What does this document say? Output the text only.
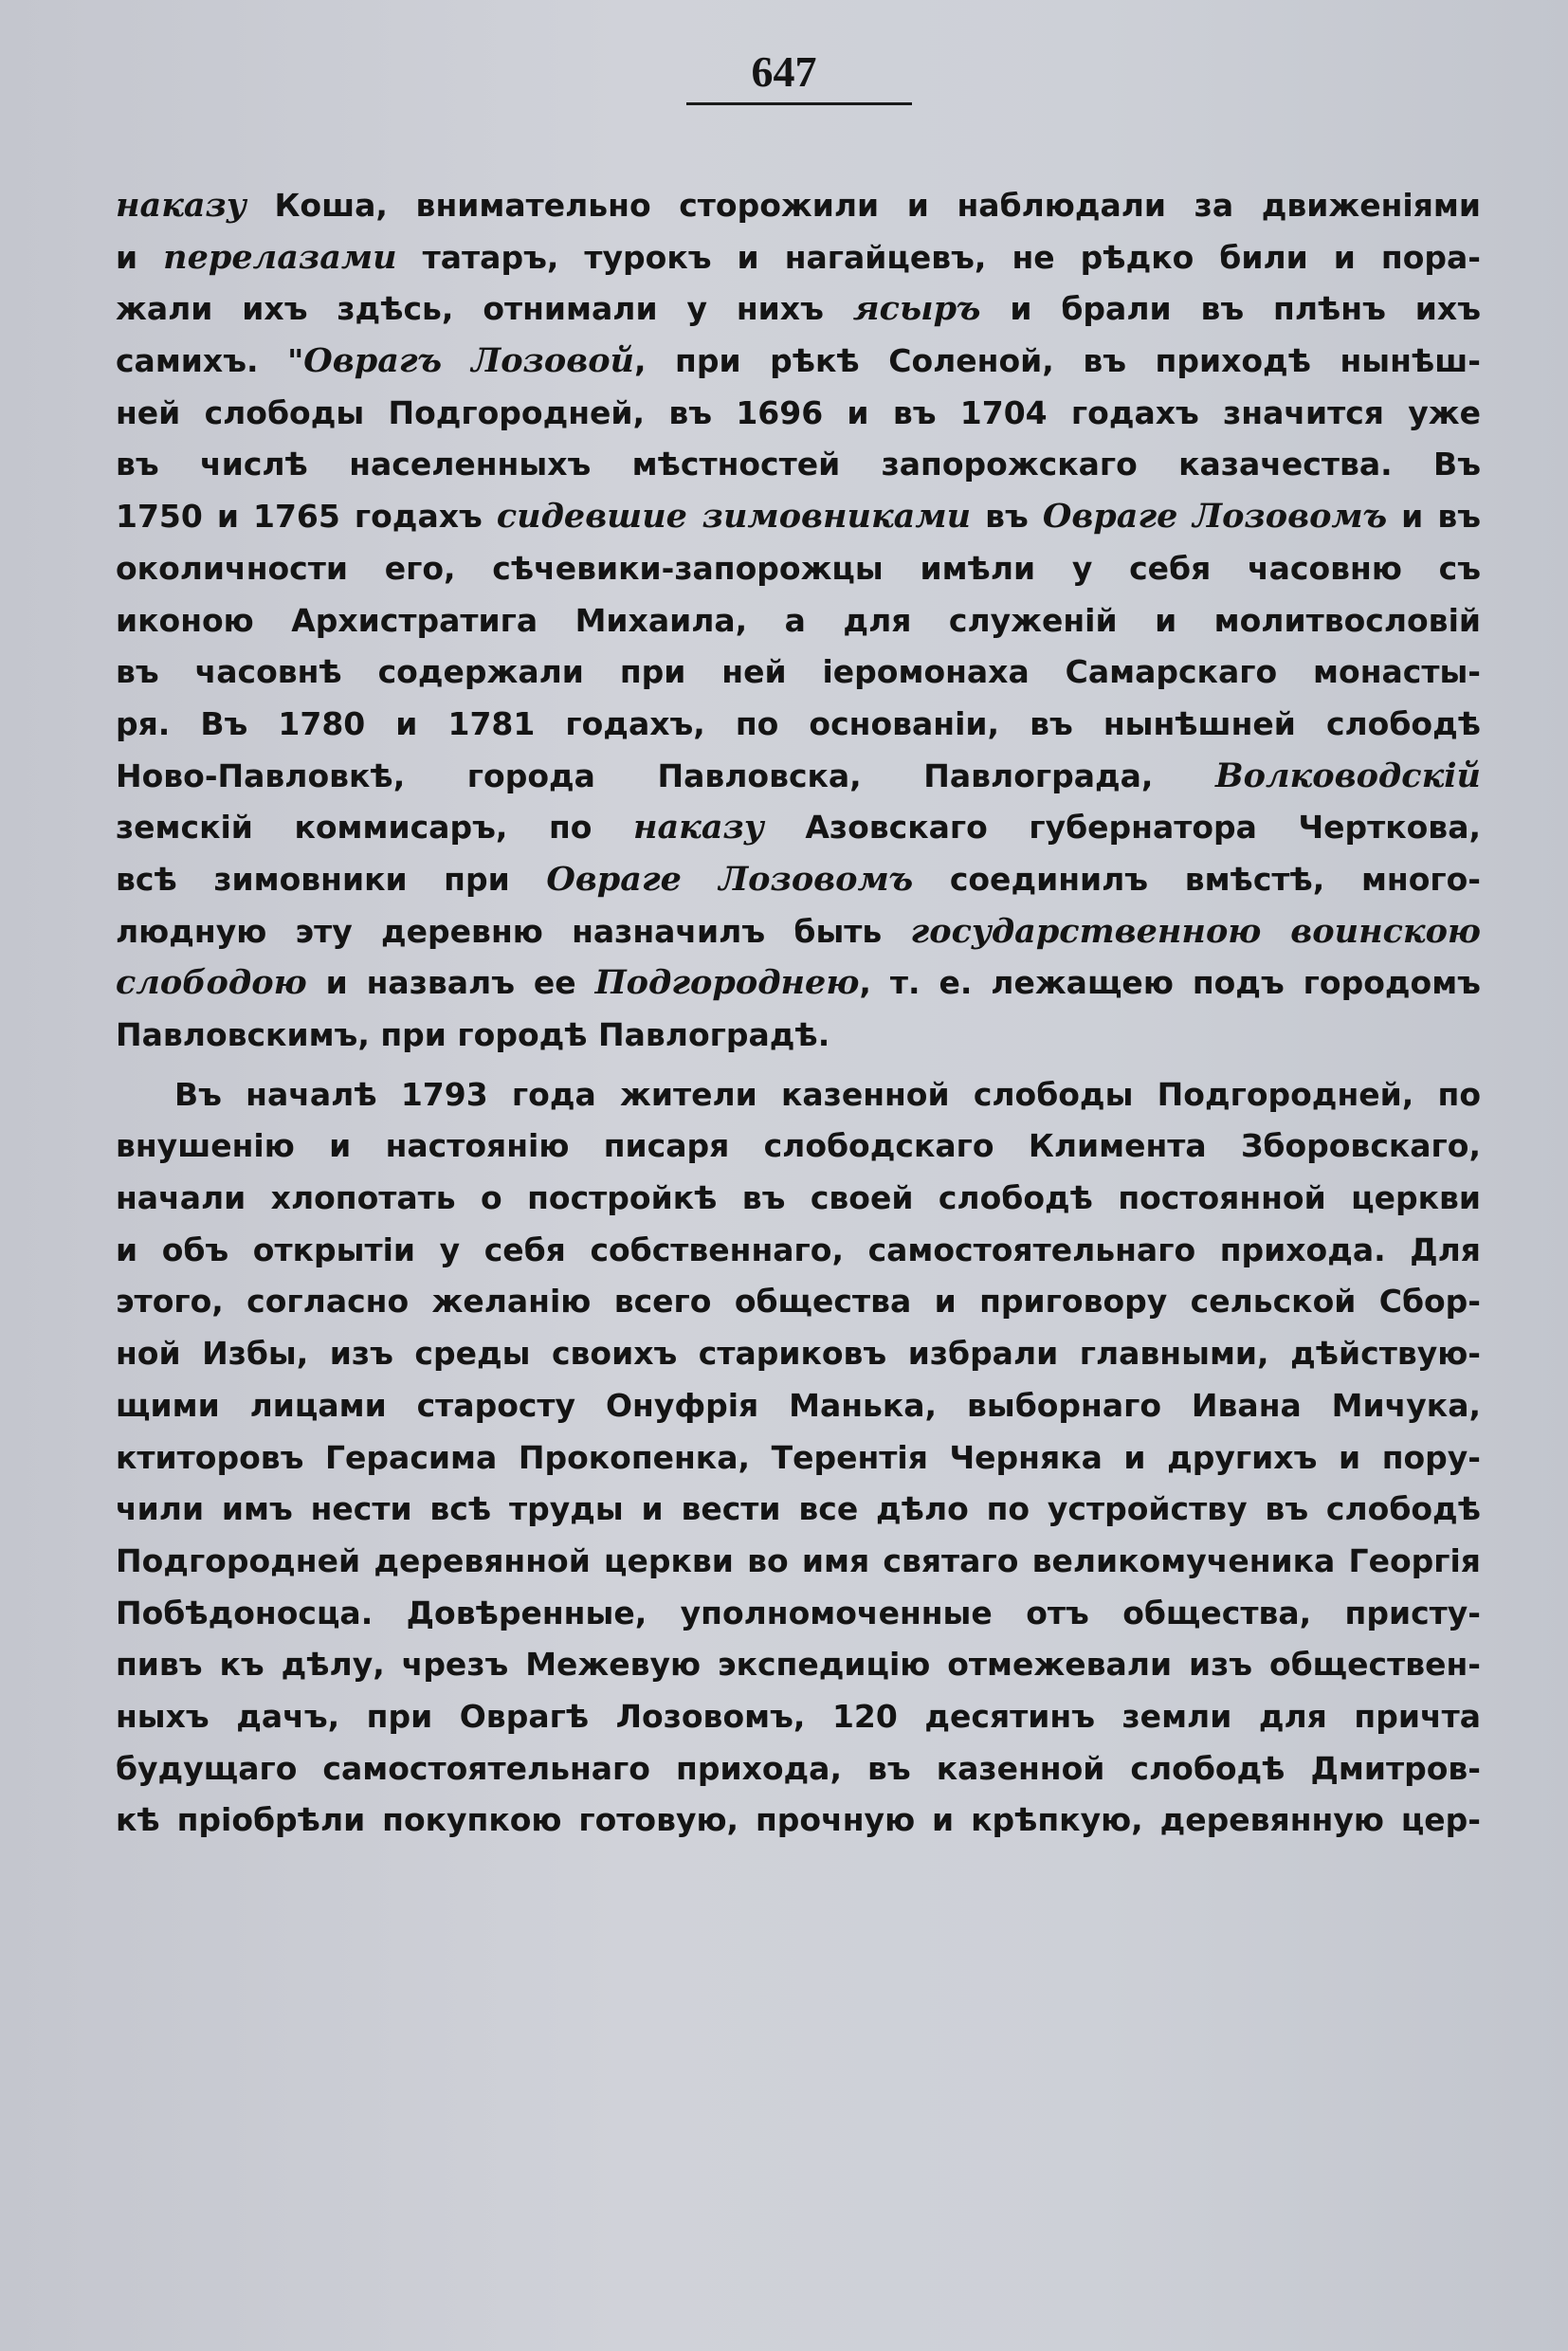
647
наказу Коша, внимательно сторожили и наблюдали за движеніями
и перелазами татаръ, турокъ и нагайцевъ, не рѣдко били и пора-
жали ихъ здѣсь, отнимали у нихъ ясыръ и брали въ плѣнъ ихъ
самихъ. "Оврагъ Лозовой, при рѣкѣ Соленой, въ приходѣ нынѣш-
ней слободы Подгородней, въ 1696 и въ 1704 годахъ значится уже
въ числѣ населенныхъ мѣстностей запорожскаго казачества. Въ
1750 и 1765 годахъ сидевшие зимовниками въ Овраге Лозовомъ и въ
околичности его, сѣчевики-запорожцы имѣли у себя часовню съ
иконою Архистратига Михаила, а для служеній и молитвословій
въ часовнѣ содержали при ней іеромонаха Самарскаго монасты-
ря. Въ 1780 и 1781 годахъ, по основаніи, въ нынѣшней слободѣ
Ново-Павловкѣ, города Павловска, Павлограда, Волководскій
земскій коммисаръ, по наказу Азовскаго губернатора Черткова,
всѣ зимовники при Овраге Лозовомъ соединилъ вмѣстѣ, много-
людную эту деревню назначилъ быть государственною воинскою
слободою и назвалъ ее Подгороднею, т. е. лежащею подъ городомъ
Павловскимъ, при городѣ Павлоградѣ.
Въ началѣ 1793 года жители казенной слободы Подгородней, по
внушенію и настоянію писаря слободскаго Климента Зборовскаго,
начали хлопотать о постройкѣ въ своей слободѣ постоянной церкви
и объ открытіи у себя собственнаго, самостоятельнаго прихода. Для
этого, согласно желанію всего общества и приговору сельской Сбор-
ной Избы, изъ среды своихъ стариковъ избрали главными, дѣйствую-
щими лицами старосту Онуфрія Манька, выборнаго Ивана Мичука,
ктиторовъ Герасима Прокопенка, Терентія Черняка и другихъ и пору-
чили имъ нести всѣ труды и вести все дѣло по устройству въ слободѣ
Подгородней деревянной церкви во имя святаго великомученика Георгія
Побѣдоносца. Довѣренные, уполномоченные отъ общества, присту-
пивъ къ дѣлу, чрезъ Межевую экспедицію отмежевали изъ обществен-
ныхъ дачъ, при Оврагѣ Лозовомъ, 120 десятинъ земли для причта
будущаго самостоятельнаго прихода, въ казенной слободѣ Дмитров-
кѣ пріобрѣли покупкою готовую, прочную и крѣпкую, деревянную цер-
